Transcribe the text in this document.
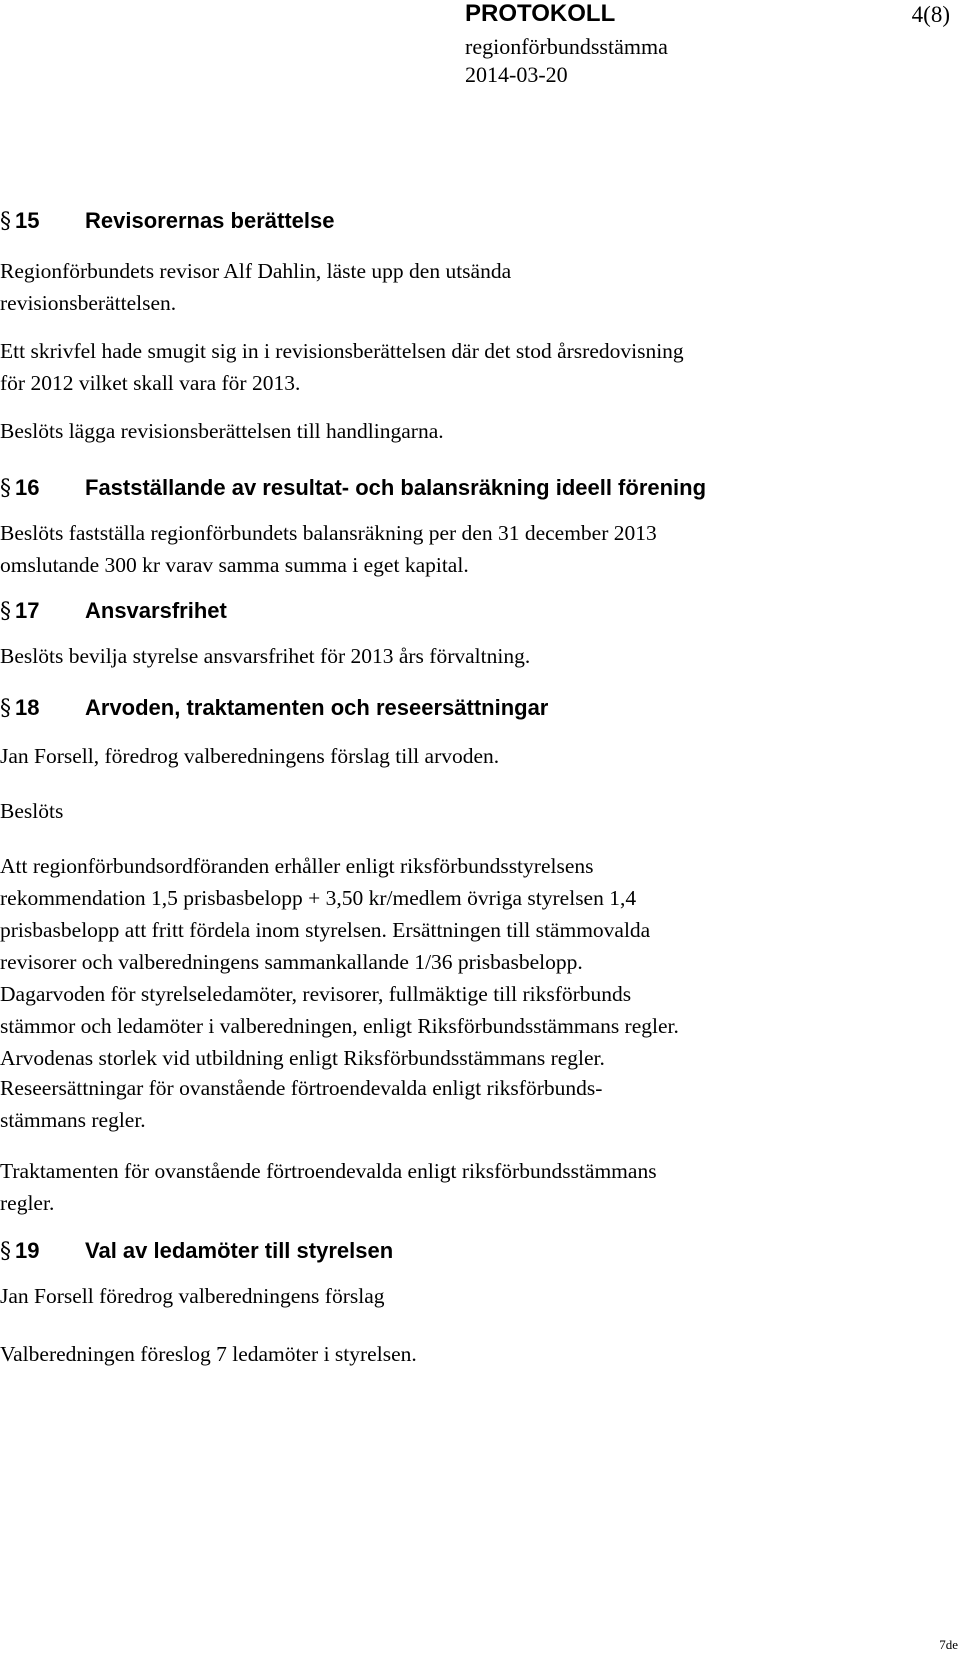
PROTOKOLL	4(8)
regionförbundsstämma
2014-03-20
§ 15 Revisorernas berättelse
Regionförbundets revisor Alf Dahlin, läste upp den utsända
revisionsberättelsen.
Ett skrivfel hade smugit sig in i revisionsberättelsen där det stod årsredovisning
för 2012 vilket skall vara för 2013.
Beslöts lägga revisionsberättelsen till handlingarna.
§ 16 Fastställande av resultat- och balansräkning ideell förening
Beslöts fastställa regionförbundets balansräkning per den 31 december 2013
omslutande 300 kr varav samma summa i eget kapital.
§ 17 Ansvarsfrihet
Beslöts bevilja styrelse ansvarsfrihet för 2013 års förvaltning.
§ 18 Arvoden, traktamenten och reseersättningar
Jan Forsell, föredrog valberedningens förslag till arvoden.
Beslöts
Att regionförbundsordföranden erhåller enligt riksförbundsstyrelsens
rekommendation 1,5 prisbasbelopp + 3,50 kr/medlem övriga styrelsen 1,4
prisbasbelopp att fritt fördela inom styrelsen. Ersättningen till stämmovalda
revisorer och valberedningens sammankallande 1/36 prisbasbelopp.
Dagarvoden för styrelseledamöter, revisorer, fullmäktige till riksförbunds
stämmor och ledamöter i valberedningen, enligt Riksförbundsstämmans regler.
Arvodenas storlek vid utbildning enligt Riksförbundsstämmans regler.
Reseersättningar för ovanstående förtroendevalda enligt riksförbunds-
stämmans regler.
Traktamenten för ovanstående förtroendevalda enligt riksförbundsstämmans
regler.
§ 19 Val av ledamöter till styrelsen
Jan Forsell föredrog valberedningens förslag
Valberedningen föreslog 7 ledamöter i styrelsen.
7de
